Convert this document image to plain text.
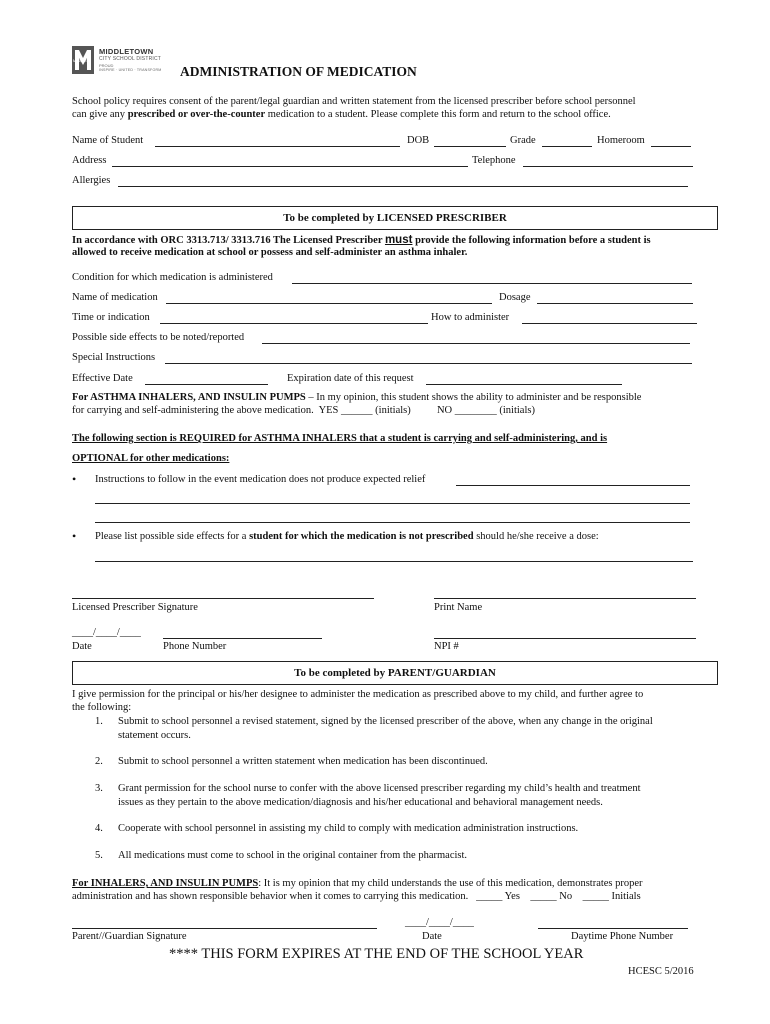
MIDDLETOWN
CITY SCHOOL DISTRICT
PROUD
INSPIRE · UNITED · TRANSFORM
MIDDIES
ADMINISTRATION OF MEDICATION
School policy requires consent of the parent/legal guardian and written statement from the licensed prescriber before school personnel
can give any prescribed or over-the-counter medication to a student. Please complete this form and return to the school office.
Name of Student	DOB	Grade	Homeroom
Address	Telephone
Allergies
To be completed by LICENSED PRESCRIBER
In accordance with ORC 3313.713/ 3313.716 The Licensed Prescriber must provide the following information before a student is
allowed to receive medication at school or possess and self-administer an asthma inhaler.
Condition for which medication is administered
Name of medication	Dosage
Time or indication	How to administer
Possible side effects to be noted/reported
Special Instructions
Effective Date	Expiration date of this request
For ASTHMA INHALERS, AND INSULIN PUMPS – In my opinion, this student shows the ability to administer and be responsible
for carrying and self-administering the above medication.  YES ______ (initials)          NO ________ (initials)
The following section is REQUIRED for ASTHMA INHALERS that a student is carrying and self-administering, and is
OPTIONAL for other medications:
• Instructions to follow in the event medication does not produce expected relief
• Please list possible side effects for a student for which the medication is not prescribed should he/she receive a dose:
Licensed Prescriber Signature	Print Name
____/____/____
Date	Phone Number	NPI #
To be completed by PARENT/GUARDIAN
I give permission for the principal or his/her designee to administer the medication as prescribed above to my child, and further agree to
the following:
1. Submit to school personnel a revised statement, signed by the licensed prescriber of the above, when any change in the original
statement occurs.
2. Submit to school personnel a written statement when medication has been discontinued.
3. Grant permission for the school nurse to confer with the above licensed prescriber regarding my child’s health and treatment
issues as they pertain to the above medication/diagnosis and his/her educational and behavioral management needs.
4. Cooperate with school personnel in assisting my child to comply with medication administration instructions.
5. All medications must come to school in the original container from the pharmacist.
For INHALERS, AND INSULIN PUMPS: It is my opinion that my child understands the use of this medication, demonstrates proper
administration and has shown responsible behavior when it comes to carrying this medication.   _____ Yes    _____ No    _____ Initials
____/____/____
Parent//Guardian Signature	Date	Daytime Phone Number
**** THIS FORM EXPIRES AT THE END OF THE SCHOOL YEAR
HCESC 5/2016
